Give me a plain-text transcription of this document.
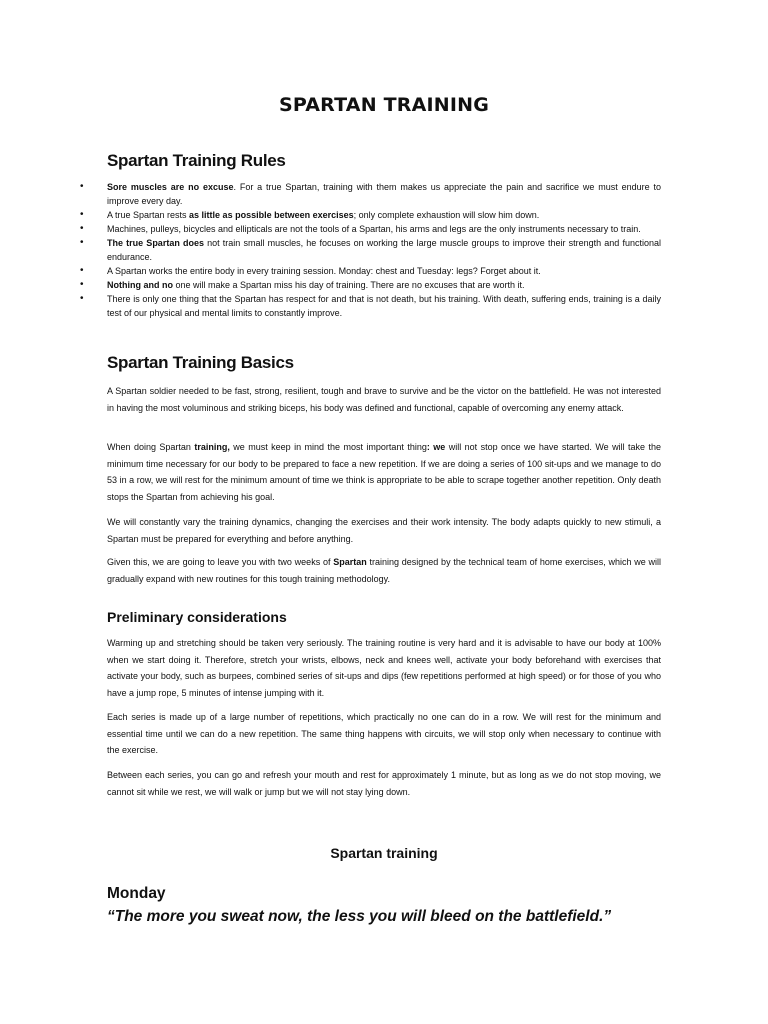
SPARTAN TRAINING
Spartan Training Rules
•	Sore muscles are no excuse. For a true Spartan, training with them makes us appreciate the pain and sacrifice we must endure to improve every day.
•	A true Spartan rests as little as possible between exercises; only complete exhaustion will slow him down.
•	Machines, pulleys, bicycles and ellipticals are not the tools of a Spartan, his arms and legs are the only instruments necessary to train.
•	The true Spartan does not train small muscles, he focuses on working the large muscle groups to improve their strength and functional endurance.
•	A Spartan works the entire body in every training session. Monday: chest and Tuesday: legs? Forget about it.
•	Nothing and no one will make a Spartan miss his day of training. There are no excuses that are worth it.
•	There is only one thing that the Spartan has respect for and that is not death, but his training. With death, suffering ends, training is a daily test of our physical and mental limits to constantly improve.
Spartan Training Basics

A Spartan soldier needed to be fast, strong, resilient, tough and brave to survive and be the victor on the battlefield. He was not interested in having the most voluminous and striking biceps, his body was defined and functional, capable of overcoming any enemy attack.

When doing Spartan training, we must keep in mind the most important thing: we will not stop once we have started. We will take the minimum time necessary for our body to be prepared to face a new repetition. If we are doing a series of 100 sit-ups and we manage to do 53 in a row, we will rest for the minimum amount of time we think is appropriate to be able to scrape together another repetition. Only death stops the Spartan from achieving his goal.

We will constantly vary the training dynamics, changing the exercises and their work intensity. The body adapts quickly to new stimuli, a Spartan must be prepared for everything and before anything.

Given this, we are going to leave you with two weeks of Spartan training designed by the technical team of home exercises, which we will gradually expand with new routines for this tough training methodology.

Preliminary considerations

Warming up and stretching should be taken very seriously. The training routine is very hard and it is advisable to have our body at 100% when we start doing it. Therefore, stretch your wrists, elbows, neck and knees well, activate your body beforehand with exercises that activate your body, such as burpees, combined series of sit-ups and dips (few repetitions performed at high speed) or for those of you who have a jump rope, 5 minutes of intense jumping with it.

Each series is made up of a large number of repetitions, which practically no one can do in a row. We will rest for the minimum and essential time until we can do a new repetition. The same thing happens with circuits, we will stop only when necessary to continue with the exercise.

Between each series, you can go and refresh your mouth and rest for approximately 1 minute, but as long as we do not stop moving, we cannot sit while we rest, we will walk or jump but we will not stay lying down.

Spartan training
Monday
“The more you sweat now, the less you will bleed on the battlefield.”
